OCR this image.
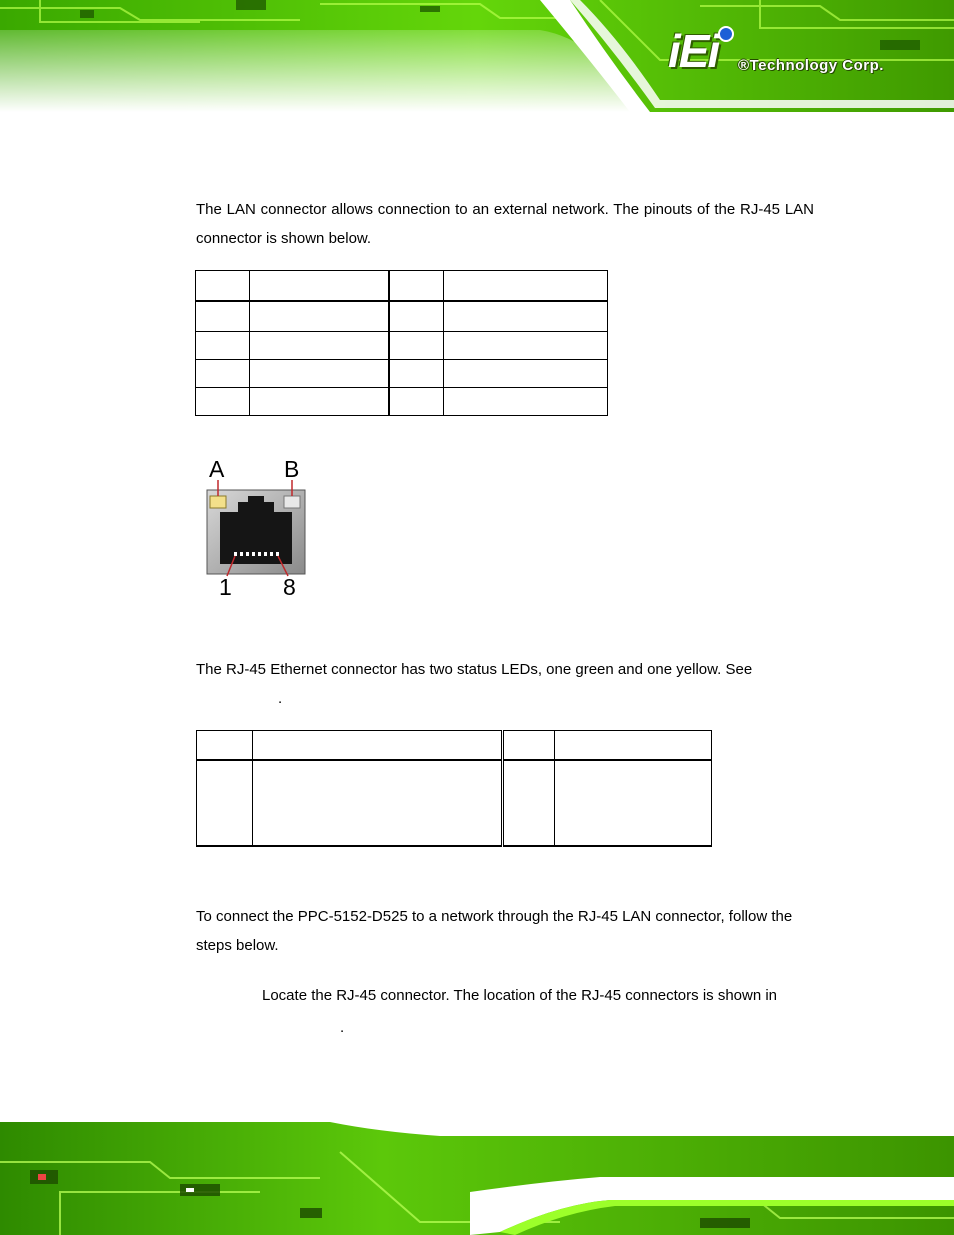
iEi ®Technology Corp.

The LAN connector allows connection to an external network. The pinouts of the RJ-45 LAN connector is shown below.

A	B
1 8

The RJ-45 Ethernet connector has two status LEDs, one green and one yellow. See

.

To connect the PPC-5152-D525 to a network through the RJ-45 LAN connector, follow the steps below.

Locate the RJ-45 connector. The location of the RJ-45 connectors is shown in

.
